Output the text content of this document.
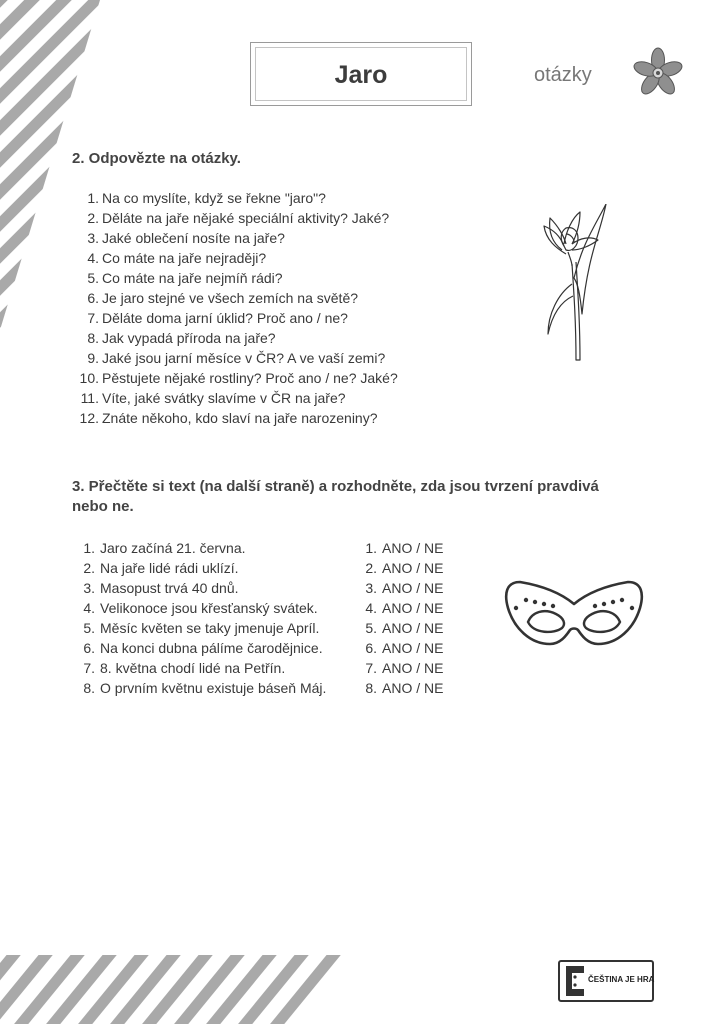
Jaro	otázky
2. Odpovězte na otázky.
1. Na co myslíte, když se řekne "jaro"?
2. Děláte na jaře nějaké speciální aktivity? Jaké?
3. Jaké oblečení nosíte na jaře?
4. Co máte na jaře nejraději?
5. Co máte na jaře nejmíň rádi?
6. Je jaro stejné ve všech zemích na světě?
7. Děláte doma jarní úklid? Proč ano / ne?
8. Jak vypadá příroda na jaře?
9. Jaké jsou jarní měsíce v ČR? A ve vaší zemi?
10. Pěstujete nějaké rostliny? Proč ano / ne? Jaké?
11. Víte, jaké svátky slavíme v ČR na jaře?
12. Znáte někoho, kdo slaví na jaře narozeniny?
3. Přečtěte si text (na další straně) a rozhodněte, zda jsou tvrzení pravdivá
nebo ne.
1. Jaro začíná 21. června.
2. Na jaře lidé rádi uklízí.
3. Masopust trvá 40 dnů.
4. Velikonoce jsou křesťanský svátek.
5. Měsíc květen se taky jmenuje Apríl.
6. Na konci dubna pálíme čarodějnice.
7. 8. května chodí lidé na Petřín.
8. O prvním květnu existuje báseň Máj.
1. ANO / NE
2. ANO / NE
3. ANO / NE
4. ANO / NE
5. ANO / NE
6. ANO / NE
7. ANO / NE
8. ANO / NE
ČEŠTINA JE HRA
